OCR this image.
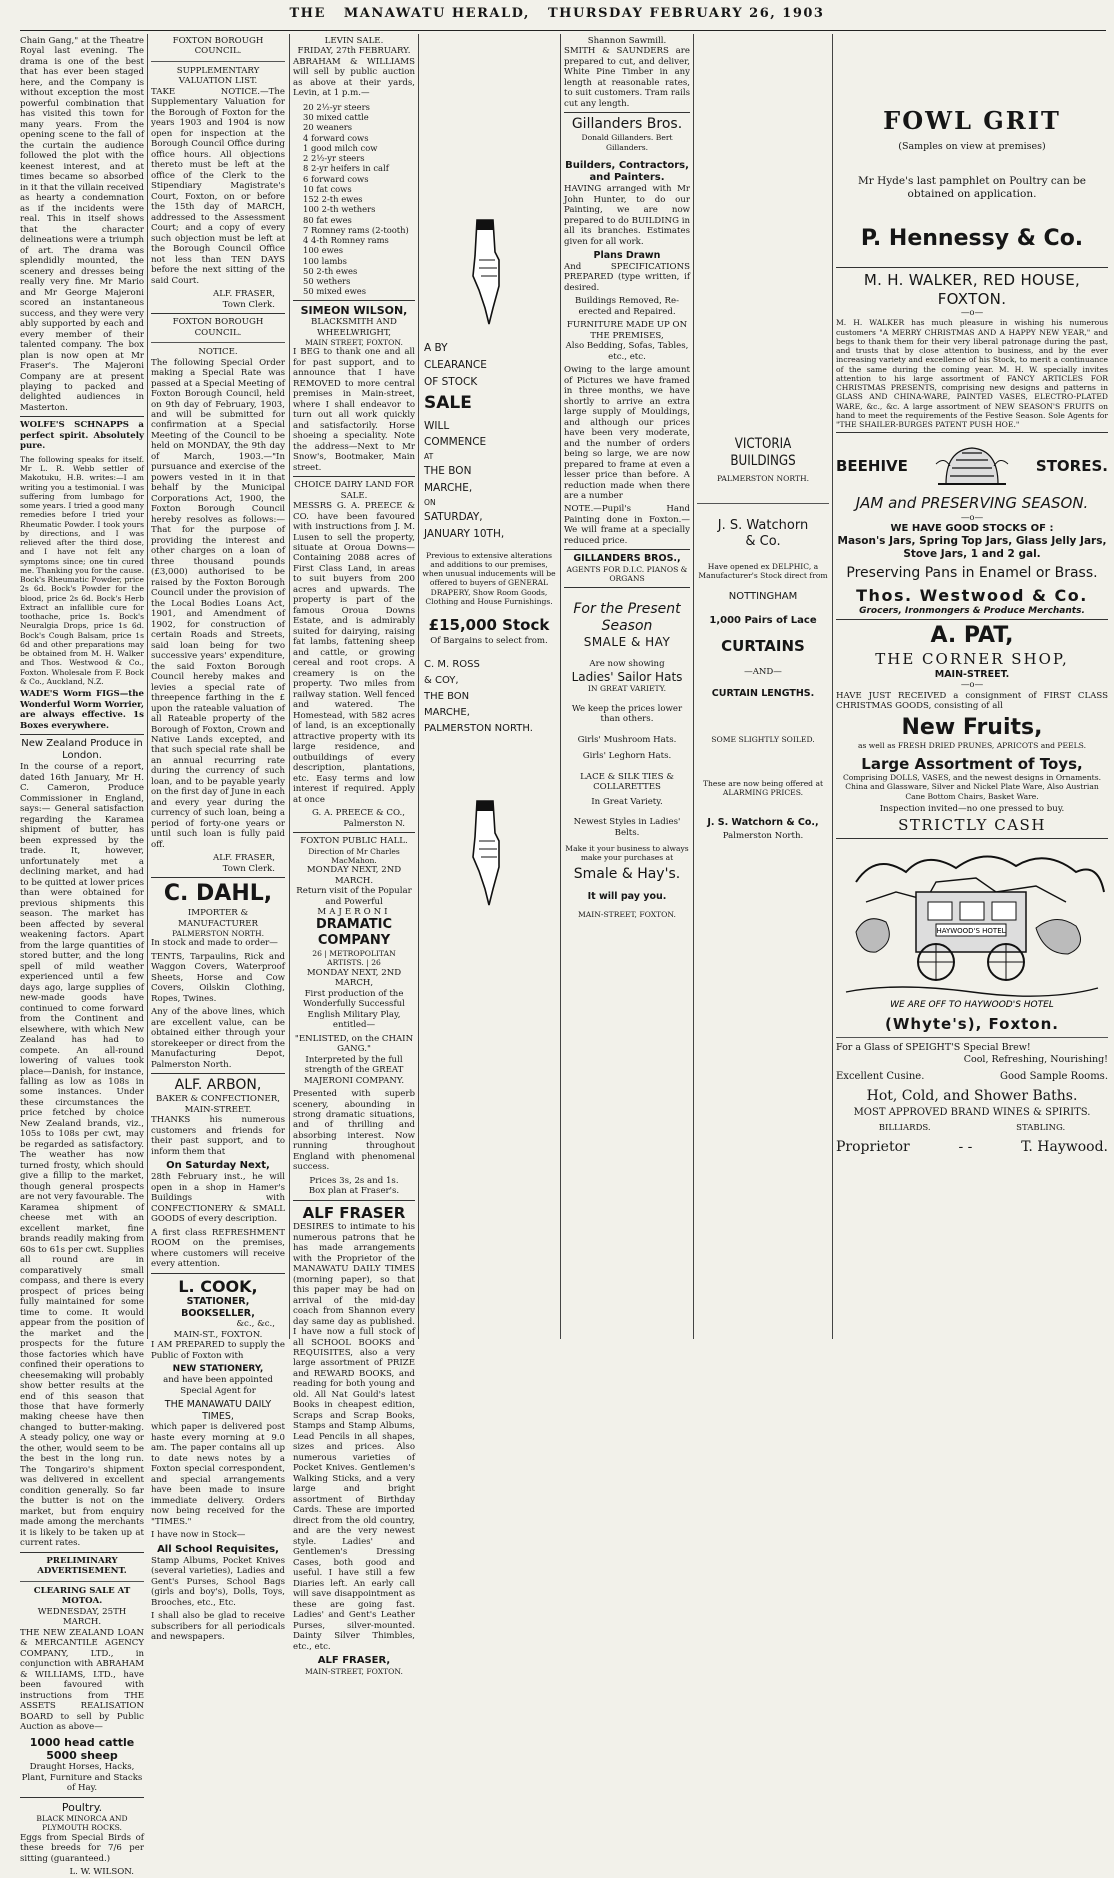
THE MANAWATU HERALD, THURSDAY FEBRUARY 26, 1903

Chain Gang," at the Theatre Royal last evening. The drama is one of the best that has ever been staged here, and the Company is without exception the most powerful combination that has visited this town for many years. From the opening scene to the fall of the curtain the audience followed the plot with the keenest interest, and at times became so absorbed in it that the villain received as hearty a condemnation as if the incidents were real. This in itself shows that the character delineations were a triumph of art. The drama was splendidly mounted, the scenery and dresses being really very fine. Mr Mario and Mr George Majeroni scored an instantaneous success, and they were very ably supported by each and every member of their talented company. The box plan is now open at Mr Fraser's. The Majeroni Company are at present playing to packed and delighted audiences in Masterton.

WOLFE'S SCHNAPPS a perfect spirit. Absolutely pure.

The following speaks for itself. Mr L. R. Webb settler of Makotuku, H.B. writes:—I am writing you a testimonial. I was suffering from lumbago for some years. I tried a good many remedies before I tried your Rheumatic Powder. I took yours by directions, and I was relieved after the third dose, and I have not felt any symptoms since; one tin cured me. Thanking you for the cause. Bock's Rheumatic Powder, price 2s 6d. Bock's Powder for the blood, price 2s 6d. Bock's Herb Extract an infallible cure for toothache, price 1s. Bock's Neuralgia Drops, price 1s 6d. Bock's Cough Balsam, price 1s 6d and other preparations may be obtained from M. H. Walker and Thos. Westwood & Co., Foxton. Wholesale from F. Bock & Co., Auckland, N.Z.

WADE'S Worm FIGS—the Wonderful Worm Worrier, are always effective. 1s Boxes everywhere.

New Zealand Produce in London.

In the course of a report, dated 16th January, Mr H. C. Cameron, Produce Commissioner in England, says:— General satisfaction regarding the Karamea shipment of butter, has been expressed by the trade. It, however, unfortunately met a declining market, and had to be quitted at lower prices than were obtained for previous shipments this season. The market has been affected by several weakening factors. Apart from the large quantities of stored butter, and the long spell of mild weather experienced until a few days ago, large supplies of new-made goods have continued to come forward from the Continent and elsewhere, with which New Zealand has had to compete. An all-round lowering of values took place—Danish, for instance, falling as low as 108s in some instances. Under these circumstances the price fetched by choice New Zealand brands, viz., 105s to 108s per cwt, may be regarded as satisfactory. The weather has now turned frosty, which should give a fillip to the market, though general prospects are not very favourable. The Karamea shipment of cheese met with an excellent market, fine brands readily making from 60s to 61s per cwt. Supplies all round are in comparatively small compass, and there is every prospect of prices being fully maintained for some time to come. It would appear from the position of the market and the prospects for the future those factories which have confined their operations to cheesemaking will probably show better results at the end of this season that those that have formerly making cheese have then changed to butter-making. A steady policy, one way or the other, would seem to be the best in the long run. The Tongariro's shipment was delivered in excellent condition generally. So far the butter is not on the market, but from enquiry made among the merchants it is likely to be taken up at current rates.

PRELIMINARY ADVERTISEMENT.
CLEARING SALE AT MOTOA.
WEDNESDAY, 25TH MARCH.

THE NEW ZEALAND LOAN & MERCANTILE AGENCY COMPANY, LTD., in conjunction with ABRAHAM & WILLIAMS, LTD., have been favoured with instructions from THE ASSETS REALISATION BOARD to sell by Public Auction as above—

1000 head cattle
5000 sheep

Draught Horses, Hacks, Plant, Furniture and Stacks of Hay.

Poultry.
BLACK MINORCA AND PLYMOUTH ROCKS.

Eggs from Special Birds of these breeds for 7/6 per sitting (guaranteed.)

L. W. WILSON.
FOXTON BOROUGH COUNCIL.
SUPPLEMENTARY VALUATION LIST.

TAKE NOTICE.—The Supplementary Valuation for the Borough of Foxton for the years 1903 and 1904 is now open for inspection at the Borough Council Office during office hours. All objections thereto must be left at the office of the Clerk to the Stipendiary Magistrate's Court, Foxton, on or before the 15th day of MARCH, addressed to the Assessment Court; and a copy of every such objection must be left at the Borough Council Office not less than TEN DAYS before the next sitting of the said Court.

ALF. FRASER,
Town Clerk.
FOXTON BOROUGH COUNCIL.
NOTICE.

The following Special Order making a Special Rate was passed at a Special Meeting of Foxton Borough Council, held on 9th day of February, 1903, and will be submitted for confirmation at a Special Meeting of the Council to be held on MONDAY, the 9th day of March, 1903.—"In pursuance and exercise of the powers vested in it in that behalf by the Municipal Corporations Act, 1900, the Foxton Borough Council hereby resolves as follows:—That for the purpose of providing the interest and other charges on a loan of three thousand pounds (£3,000) authorised to be raised by the Foxton Borough Council under the provision of the Local Bodies Loans Act, 1901, and Amendment of 1902, for construction of certain Roads and Streets, said loan being for two successive years' expenditure, the said Foxton Borough Council hereby makes and levies a special rate of threepence farthing in the £ upon the rateable valuation of all Rateable property of the Borough of Foxton, Crown and Native Lands excepted, and that such special rate shall be an annual recurring rate during the currency of such loan, and to be payable yearly on the first day of June in each and every year during the currency of such loan, being a period of forty-one years or until such loan is fully paid off.

ALF. FRASER,
Town Clerk.
C. DAHL,
IMPORTER & MANUFACTURER
PALMERSTON NORTH.

In stock and made to order—

TENTS, Tarpaulins, Rick and Waggon Covers, Waterproof Sheets, Horse and Cow Covers, Oilskin Clothing, Ropes, Twines.

Any of the above lines, which are excellent value, can be obtained either through your storekeeper or direct from the Manufacturing Depot, Palmerston North.

ALF. ARBON,
BAKER & CONFECTIONER,
MAIN-STREET.

THANKS his numerous customers and friends for their past support, and to inform them that

On Saturday Next,

28th February inst., he will open in a shop in Hamer's Buildings with CONFECTIONERY & SMALL GOODS of every description.

A first class REFRESHMENT ROOM on the premises, where customers will receive every attention.

L. COOK,
STATIONER,
BOOKSELLER,
&c., &c.,
MAIN-ST., FOXTON.

I AM PREPARED to supply the Public of Foxton with

NEW STATIONERY,

and have been appointed Special Agent for

THE MANAWATU DAILY TIMES,

which paper is delivered post haste every morning at 9.0 am. The paper contains all up to date news notes by a Foxton special correspondent, and special arrangements have been made to insure immediate delivery. Orders now being received for the "TIMES."

I have now in Stock—

All School Requisites,

Stamp Albums, Pocket Knives (several varieties), Ladies and Gent's Purses, School Bags (girls and boy's), Dolls, Toys, Brooches, etc., Etc.

I shall also be glad to receive subscribers for all periodicals and newspapers.

LEVIN SALE.
FRIDAY, 27th FEBRUARY.

ABRAHAM & WILLIAMS will sell by public auction as above at their yards, Levin, at 1 p.m.—

20 2½-yr steers
30 mixed cattle
20 weaners
4 forward cows
1 good milch cow
2 2½-yr steers
8 2-yr heifers in calf
6 forward cows
10 fat cows
152 2-th ewes
100 2-th wethers
80 fat ewes
7 Romney rams (2-tooth)
4 4-th Romney rams
100 ewes
100 lambs
50 2-th ewes
50 wethers
50 mixed ewes
SIMEON WILSON,
BLACKSMITH AND WHEELWRIGHT,
MAIN STREET, FOXTON.

I BEG to thank one and all for past support, and to announce that I have REMOVED to more central premises in Main-street, where I shall endeavor to turn out all work quickly and satisfactorily. Horse shoeing a speciality. Note the address—Next to Mr Snow's, Bootmaker, Main street.

CHOICE DAIRY LAND FOR SALE.

MESSRS G. A. PREECE & CO. have been favoured with instructions from J. M. Lusen to sell the property, situate at Oroua Downs— Containing 2088 acres of First Class Land, in areas to suit buyers from 200 acres and upwards. The property is part of the famous Oroua Downs Estate, and is admirably suited for dairying, raising fat lambs, fattening sheep and cattle, or growing cereal and root crops. A creamery is on the property. Two miles from railway station. Well fenced and watered. The Homestead, with 582 acres of land, is an exceptionally attractive property with its large residence, and outbuildings of every description, plantations, etc. Easy terms and low interest if required. Apply at once

G. A. PREECE & CO.,
Palmerston N.
FOXTON PUBLIC HALL.
Direction of Mr Charles MacMahon.
MONDAY NEXT, 2ND MARCH.
Return visit of the Popular and Powerful
MAJERONI
DRAMATIC COMPANY
26 | METROPOLITAN ARTISTS. | 26
MONDAY NEXT, 2ND MARCH,

First production of the Wonderfully Successful English Military Play, entitled—

"ENLISTED, on the CHAIN GANG."

Interpreted by the full strength of the GREAT MAJERONI COMPANY.

Presented with superb scenery, abounding in strong dramatic situations, and of thrilling and absorbing interest. Now running throughout England with phenomenal success.

Prices 3s, 2s and 1s.
Box plan at Fraser's.
ALF FRASER

DESIRES to intimate to his numerous patrons that he has made arrangements with the Proprietor of the MANAWATU DAILY TIMES (morning paper), so that this paper may be had on arrival of the mid-day coach from Shannon every day same day as published. I have now a full stock of all SCHOOL BOOKS and REQUISITES, also a very large assortment of PRIZE and REWARD BOOKS, and reading for both young and old. All Nat Gould's latest Books in cheapest edition, Scraps and Scrap Books, Stamps and Stamp Albums, Lead Pencils in all shapes, sizes and prices. Also numerous varieties of Pocket Knives. Gentlemen's Walking Sticks, and a very large and bright assortment of Birthday Cards. These are imported direct from the old country, and are the very newest style. Ladies' and Gentlemen's Dressing Cases, both good and useful. I have still a few Diaries left. An early call will save disappointment as these are going fast. Ladies' and Gent's Leather Purses, silver-mounted. Dainty Silver Thimbles, etc., etc.

ALF FRASER,
MAIN-STREET, FOXTON.
A BY
CLEARANCE
OF STOCK
SALE
WILL
COMMENCE
AT
THE BON
MARCHE,
ON
SATURDAY,
JANUARY 10TH,

Previous to extensive alterations and additions to our premises, when unusual inducements will be offered to buyers of GENERAL DRAPERY, Show Room Goods, Clothing and House Furnishings.

£15,000 Stock
Of Bargains to select from.
C. M. ROSS
& COY,
THE BON
MARCHE,
PALMERSTON NORTH.
Shannon Sawmill.

SMITH & SAUNDERS are prepared to cut, and deliver, White Pine Timber in any length at reasonable rates, to suit customers. Tram rails cut any length.

Gillanders Bros.
Donald Gillanders. Bert Gillanders.
Builders, Contractors,
and Painters.

HAVING arranged with Mr John Hunter, to do our Painting, we are now prepared to do BUILDING in all its branches. Estimates given for all work.

Plans Drawn

And SPECIFICATIONS PREPARED (type written, if desired.

Buildings Removed, Re-erected and Repaired.

FURNITURE MADE UP ON THE PREMISES,

Also Bedding, Sofas, Tables, etc., etc.

Owing to the large amount of Pictures we have framed in three months, we have shortly to arrive an extra large supply of Mouldings, and although our prices have been very moderate, and the number of orders being so large, we are now prepared to frame at even a lesser price than before. A reduction made when there are a number

NOTE.—Pupil's Hand Painting done in Foxton.—We will frame at a specially reduced price.

GILLANDERS BROS.,
AGENTS FOR D.I.C. PIANOS & ORGANS
For the Present
Season
SMALE & HAY
Are now showing
Ladies' Sailor Hats
IN GREAT VARIETY.

We keep the prices lower than others.

Girls' Mushroom Hats.
Girls' Leghorn Hats.
LACE & SILK TIES &
COLLARETTES
In Great Variety.
Newest Styles in Ladies' Belts.

Make it your business to always make your purchases at

Smale & Hay's.
It will pay you.
MAIN-STREET, FOXTON.
VICTORIA BUILDINGS
PALMERSTON NORTH.
J. S. Watchorn
& Co.

Have opened ex DELPHIC, a Manufacturer's Stock direct from

NOTTINGHAM
1,000 Pairs of Lace
CURTAINS
—AND—
CURTAIN LENGTHS.
SOME SLIGHTLY SOILED.

These are now being offered at ALARMING PRICES.

J. S. Watchorn & Co.,
Palmerston North.
FOWL GRIT
(Samples on view at premises)

Mr Hyde's last pamphlet on Poultry can be obtained on application.

P. Hennessy & Co.
M. H. WALKER, RED HOUSE, FOXTON.
—o—

M. H. WALKER has much pleasure in wishing his numerous customers "A MERRY CHRISTMAS AND A HAPPY NEW YEAR," and begs to thank them for their very liberal patronage during the past, and trusts that by close attention to business, and by the ever increasing variety and excellence of his Stock, to merit a continuance of the same during the coming year. M. H. W. specially invites attention to his large assortment of FANCY ARTICLES FOR CHRISTMAS PRESENTS, comprising new designs and patterns in GLASS AND CHINA-WARE, PAINTED VASES, ELECTRO-PLATED WARE, &c., &c. A large assortment of NEW SEASON'S FRUITS on hand to meet the requirements of the Festive Season. Sole Agents for "THE SHAILER-BURGES PATENT PUSH HOE."

BEEHIVE	STORES.
JAM and PRESERVING SEASON.
—o—
WE HAVE GOOD STOCKS OF :
Mason's Jars, Spring Top Jars, Glass Jelly Jars, Stove Jars, 1 and 2 gal.
Preserving Pans in Enamel or Brass.
Thos. Westwood & Co.
Grocers, Ironmongers & Produce Merchants.
A. PAT,
THE CORNER SHOP,
MAIN-STREET.
—o—

HAVE JUST RECEIVED a consignment of FIRST CLASS CHRISTMAS GOODS, consisting of all

New Fruits,
as well as FRESH DRIED PRUNES, APRICOTS and PEELS.
Large Assortment of Toys,

Comprising DOLLS, VASES, and the newest designs in Ornaments. China and Glassware, Silver and Nickel Plate Ware, Also Austrian Cane Bottom Chairs, Basket Ware.

Inspection invited—no one pressed to buy.
STRICTLY CASH
HAYWOOD'S HOTEL
WE ARE OFF TO HAYWOOD'S HOTEL
(Whyte's), Foxton.
For a Glass of SPEIGHT'S Special Brew!
Cool, Refreshing, Nourishing!
Excellent Cusine.	Good Sample Rooms.
Hot, Cold, and Shower Baths.
MOST APPROVED BRAND WINES & SPIRITS.
BILLIARDS.	STABLING.
Proprietor	- -	T. Haywood.
